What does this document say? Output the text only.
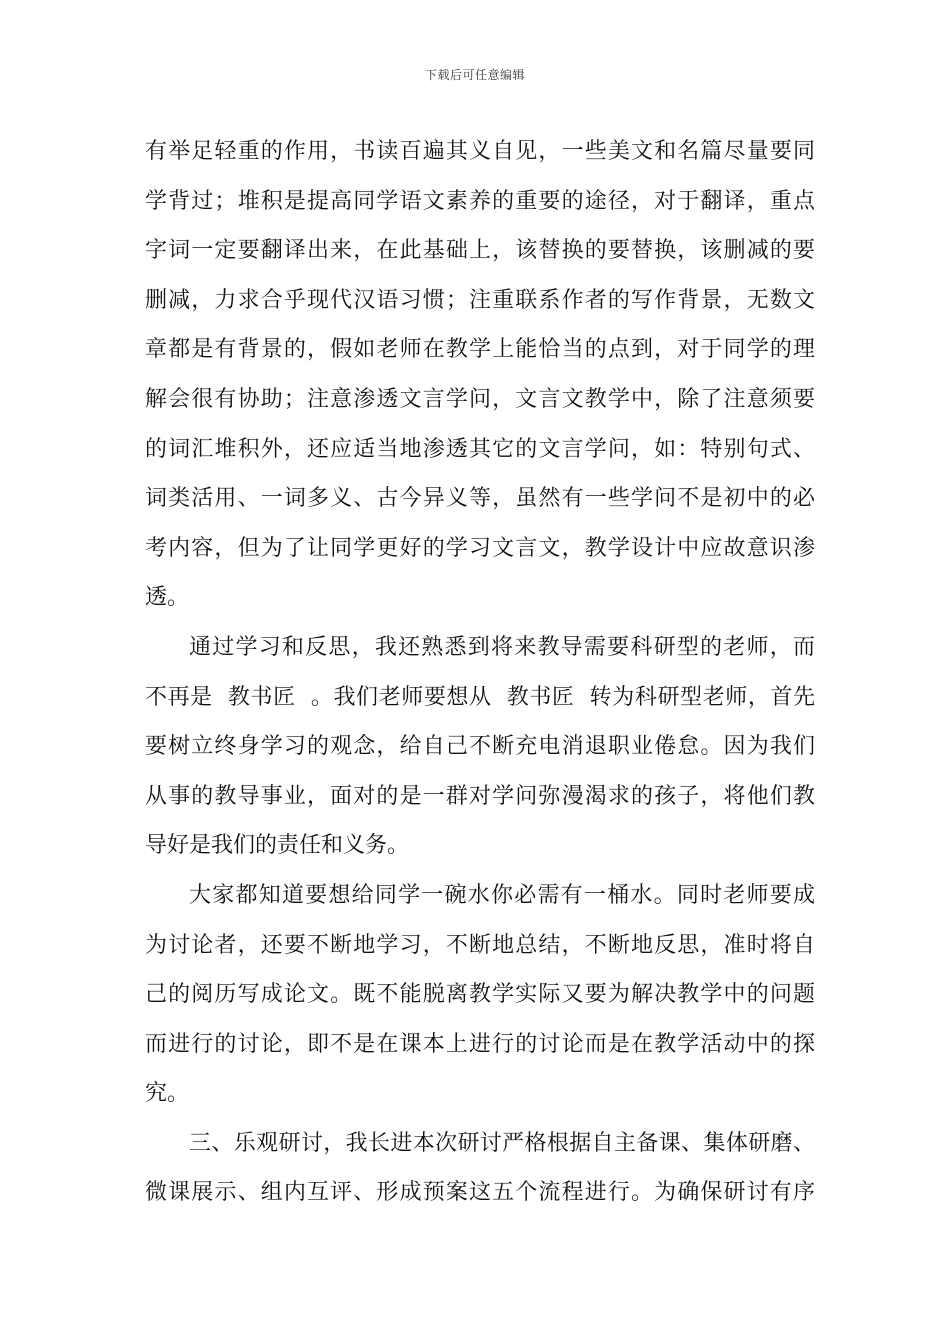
下载后可任意编辑
有举足轻重的作用，书读百遍其义自见，一些美文和名篇尽量要同
学背过；堆积是提高同学语文素养的重要的途径，对于翻译，重点
字词一定要翻译出来，在此基础上，该替换的要替换，该删减的要
删减，力求合乎现代汉语习惯；注重联系作者的写作背景，无数文
章都是有背景的，假如老师在教学上能恰当的点到，对于同学的理
解会很有协助；注意渗透文言学问，文言文教学中，除了注意须要
的词汇堆积外，还应适当地渗透其它的文言学问，如：特别句式、
词类活用、一词多义、古今异义等，虽然有一些学问不是初中的必
考内容，但为了让同学更好的学习文言文，教学设计中应故意识渗
透。
通过学习和反思，我还熟悉到将来教导需要科研型的老师，而
不再是  教书匠  。我们老师要想从  教书匠  转为科研型老师，首先
要树立终身学习的观念，给自己不断充电消退职业倦怠。因为我们
从事的教导事业，面对的是一群对学问弥漫渴求的孩子，将他们教
导好是我们的责任和义务。
大家都知道要想给同学一碗水你必需有一桶水。同时老师要成
为讨论者，还要不断地学习，不断地总结，不断地反思，准时将自
己的阅历写成论文。既不能脱离教学实际又要为解决教学中的问题
而进行的讨论，即不是在课本上进行的讨论而是在教学活动中的探
究。
三、乐观研讨，我长进本次研讨严格根据自主备课、集体研磨、
微课展示、组内互评、形成预案这五个流程进行。为确保研讨有序
